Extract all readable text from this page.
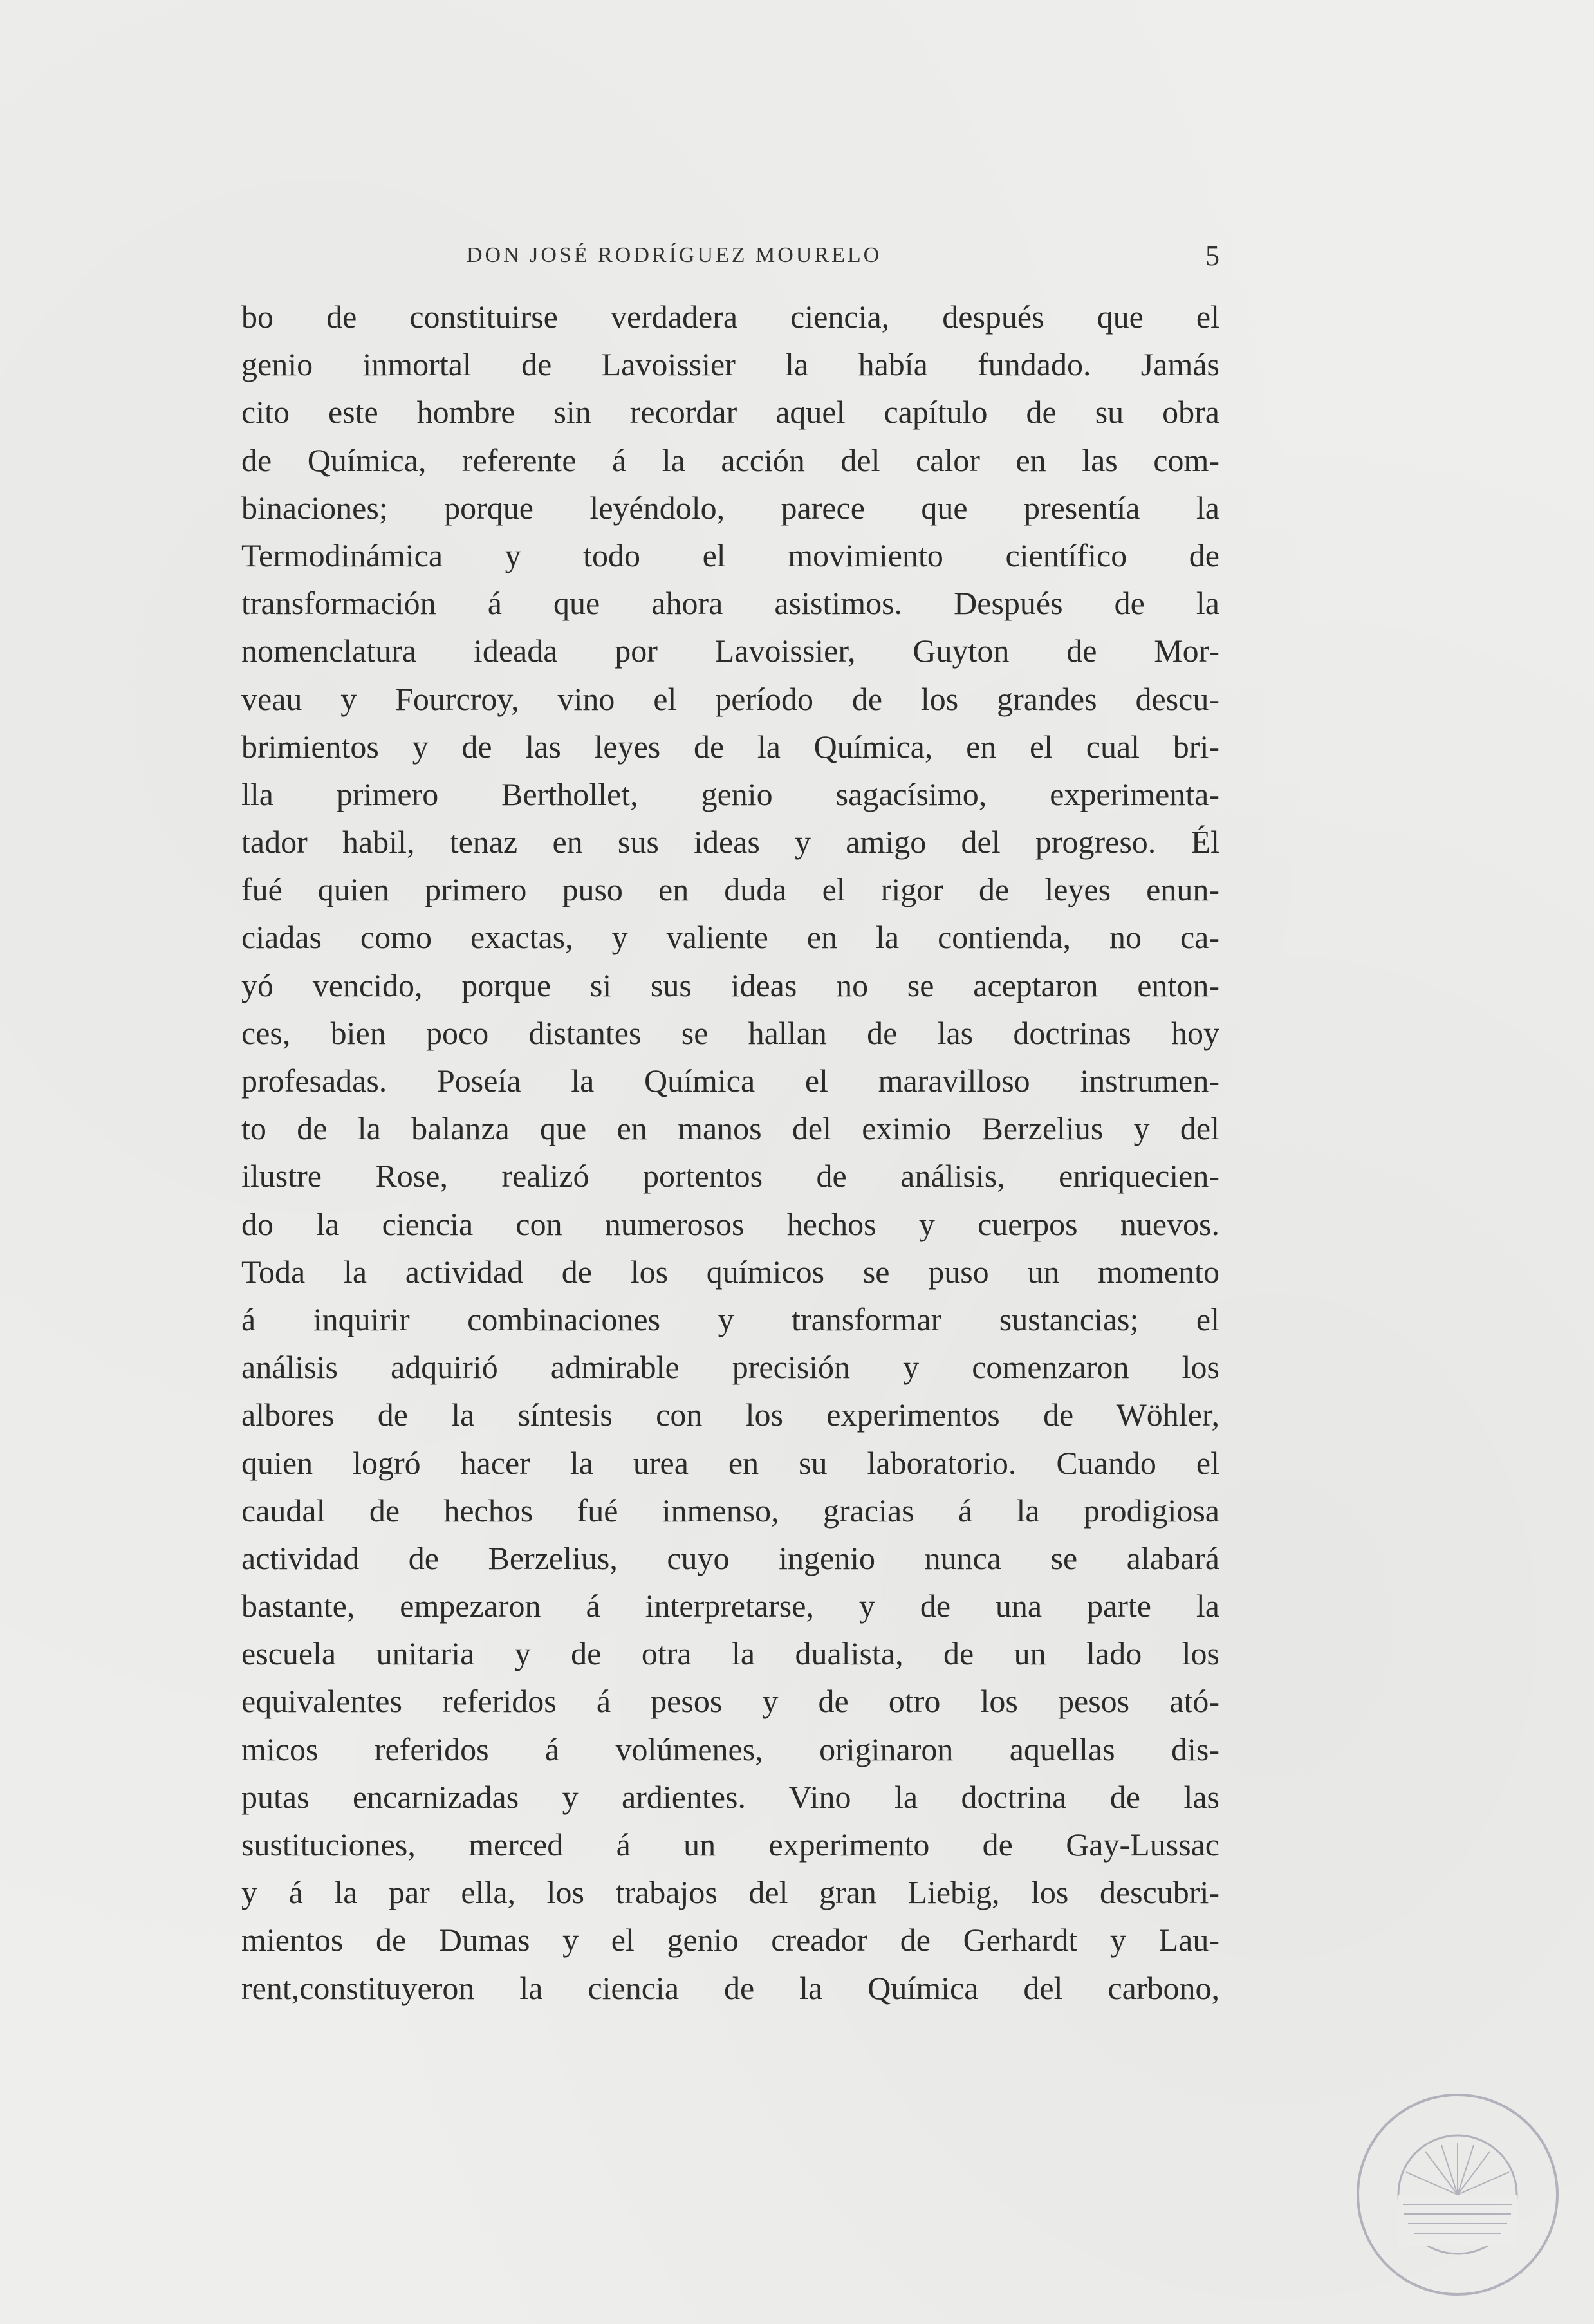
DON JOSÉ RODRÍGUEZ MOURELO	5
bo de constituirse verdadera ciencia, después que el
genio inmortal de Lavoissier la había fundado. Jamás
cito este hombre sin recordar aquel capítulo de su obra
de Química, referente á la acción del calor en las com-
binaciones; porque leyéndolo, parece que presentía la
Termodinámica y todo el movimiento científico de
transformación á que ahora asistimos. Después de la
nomenclatura ideada por Lavoissier, Guyton de Mor-
veau y Fourcroy, vino el período de los grandes descu-
brimientos y de las leyes de la Química, en el cual bri-
lla primero Berthollet, genio sagacísimo, experimenta-
tador habil, tenaz en sus ideas y amigo del progreso. Él
fué quien primero puso en duda el rigor de leyes enun-
ciadas como exactas, y valiente en la contienda, no ca-
yó vencido, porque si sus ideas no se aceptaron enton-
ces, bien poco distantes se hallan de las doctrinas hoy
profesadas. Poseía la Química el maravilloso instrumen-
to de la balanza que en manos del eximio Berzelius y del
ilustre Rose, realizó portentos de análisis, enriquecien-
do la ciencia con numerosos hechos y cuerpos nuevos.
Toda la actividad de los químicos se puso un momento
á inquirir combinaciones y transformar sustancias; el
análisis adquirió admirable precisión y comenzaron los
albores de la síntesis con los experimentos de Wöhler,
quien logró hacer la urea en su laboratorio. Cuando el
caudal de hechos fué inmenso, gracias á la prodigiosa
actividad de Berzelius, cuyo ingenio nunca se alabará
bastante, empezaron á interpretarse, y de una parte la
escuela unitaria y de otra la dualista, de un lado los
equivalentes referidos á pesos y de otro los pesos ató-
micos referidos á volúmenes, originaron aquellas dis-
putas encarnizadas y ardientes. Vino la doctrina de las
sustituciones, merced á un experimento de Gay-Lussac
y á la par ella, los trabajos del gran Liebig, los descubri-
mientos de Dumas y el genio creador de Gerhardt y Lau-
rent,constituyeron la ciencia de la Química del carbono,
